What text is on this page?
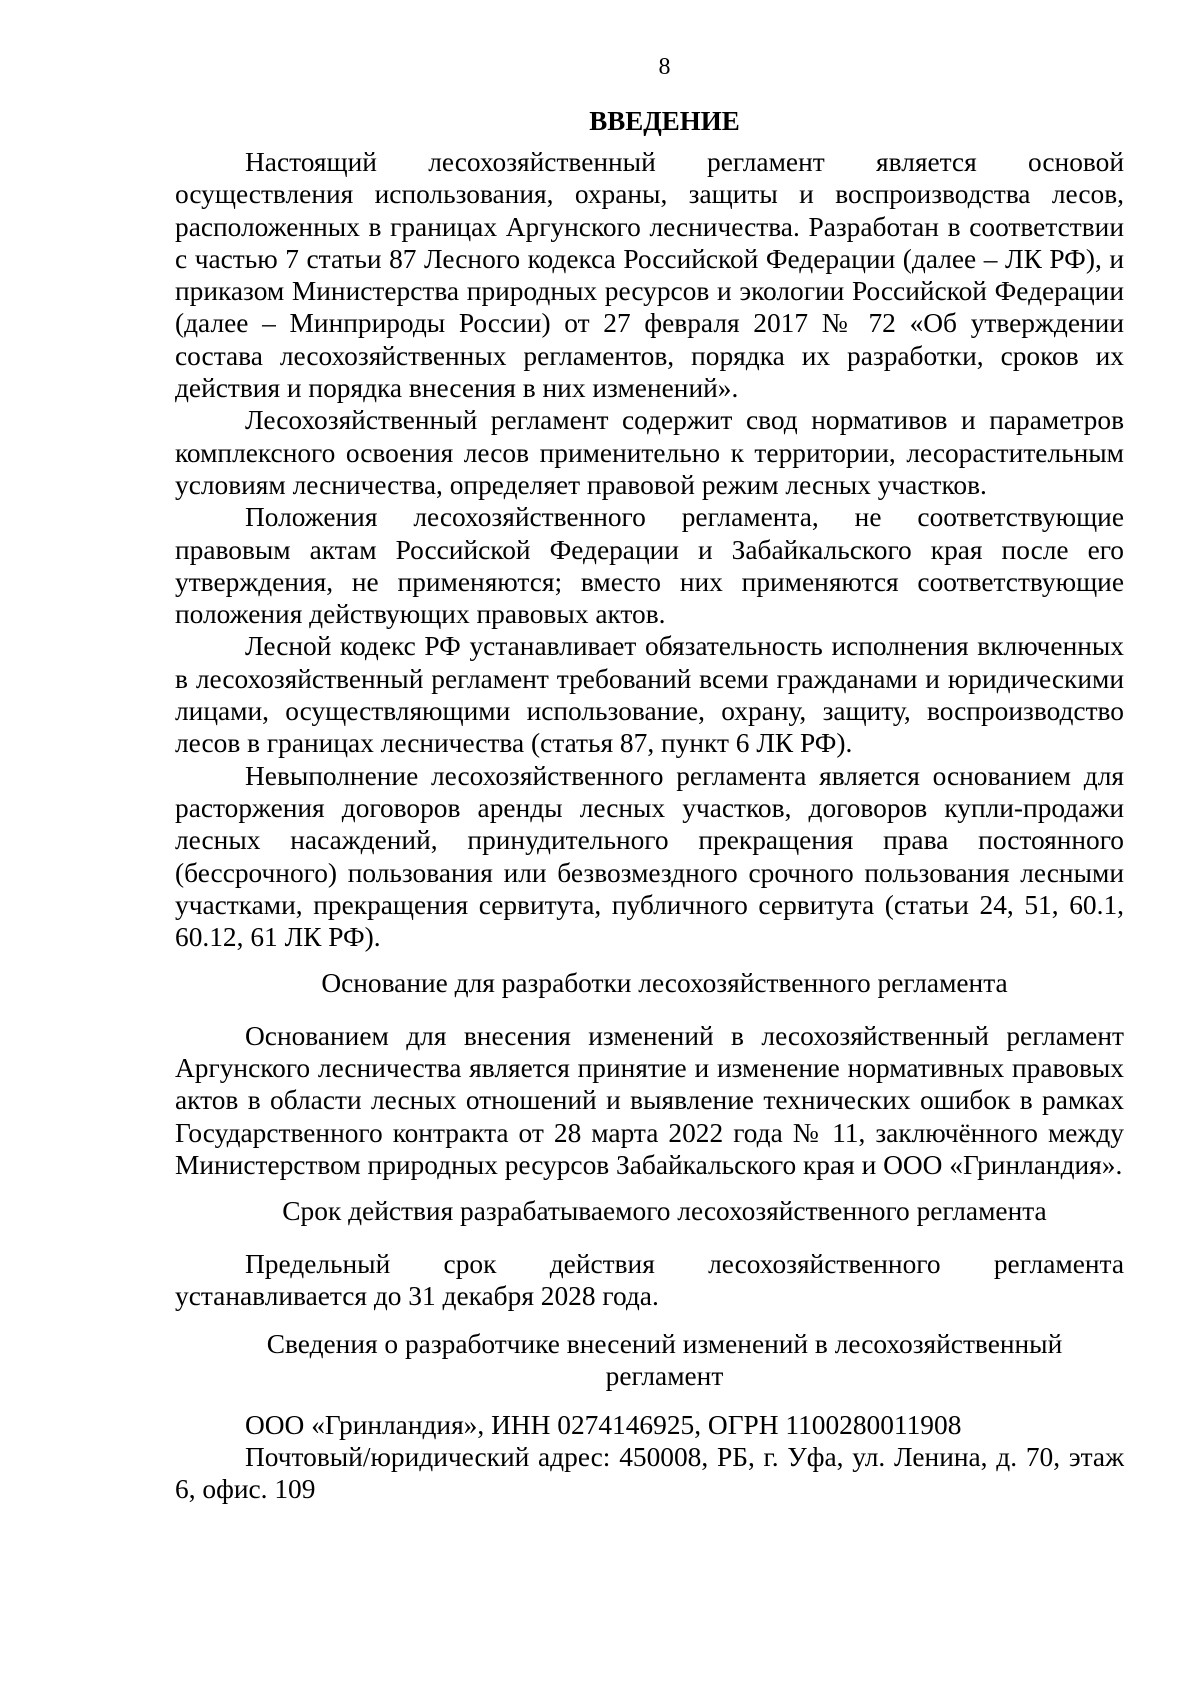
8
ВВЕДЕНИЕ

Настоящий лесохозяйственный регламент является основой осуществления использования, охраны, защиты и воспроизводства лесов, расположенных в границах Аргунского лесничества. Разработан в соответствии с частью 7 статьи 87 Лесного кодекса Российской Федерации (далее – ЛК РФ), и приказом Министерства природных ресурсов и экологии Российской Федерации (далее – Минприроды России) от 27 февраля 2017 № 72 «Об утверждении состава лесохозяйственных регламентов, порядка их разработки, сроков их действия и порядка внесения в них изменений».

Лесохозяйственный регламент содержит свод нормативов и параметров комплексного освоения лесов применительно к территории, лесорастительным условиям лесничества, определяет правовой режим лесных участков.

Положения лесохозяйственного регламента, не соответствующие правовым актам Российской Федерации и Забайкальского края после его утверждения, не применяются; вместо них применяются соответствующие положения действующих правовых актов.

Лесной кодекс РФ устанавливает обязательность исполнения включенных в лесохозяйственный регламент требований всеми гражданами и юридическими лицами, осуществляющими использование, охрану, защиту, воспроизводство лесов в границах лесничества (статья 87, пункт 6 ЛК РФ).

Невыполнение лесохозяйственного регламента является основанием для расторжения договоров аренды лесных участков, договоров купли-продажи лесных насаждений, принудительного прекращения права постоянного (бессрочного) пользования или безвозмездного срочного пользования лесными участками, прекращения сервитута, публичного сервитута (статьи 24, 51, 60.1, 60.12, 61 ЛК РФ).

Основание для разработки лесохозяйственного регламента

Основанием для внесения изменений в лесохозяйственный регламент Аргунского лесничества является принятие и изменение нормативных правовых актов в области лесных отношений и выявление технических ошибок в рамках Государственного контракта от 28 марта 2022 года № 11, заключённого между Министерством природных ресурсов Забайкальского края и ООО «Гринландия».

Срок действия разрабатываемого лесохозяйственного регламента

Предельный срок действия лесохозяйственного регламента устанавливается до 31 декабря 2028 года.

Сведения о разработчике внесений изменений в лесохозяйственный регламент

ООО «Гринландия», ИНН 0274146925, ОГРН 1100280011908

Почтовый/юридический адрес: 450008, РБ, г. Уфа, ул. Ленина, д. 70, этаж 6, офис. 109
